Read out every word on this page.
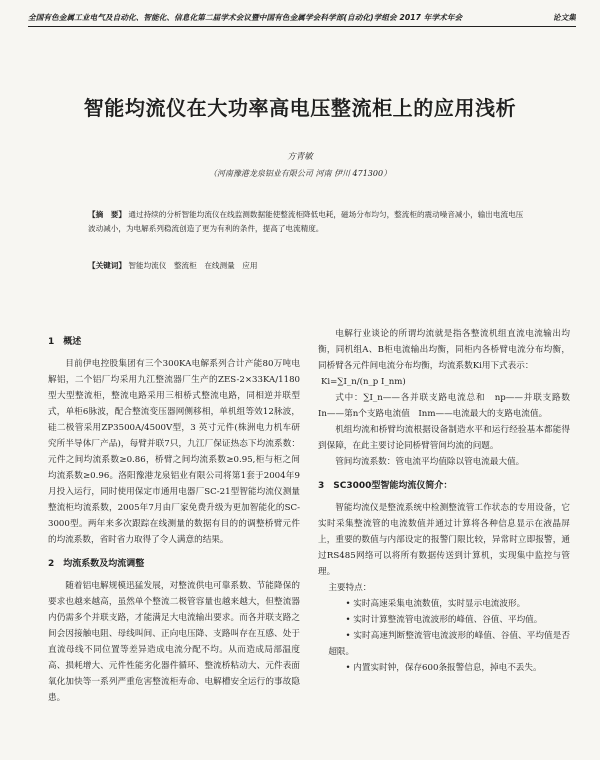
全国有色金属工业电气及自动化、智能化、信息化第二届学术会议暨中国有色金属学会科学部(自动化)学组会 2017 年学术年会	论文集
智能均流仪在大功率高电压整流柜上的应用浅析
方青敏
（河南豫港龙泉铝业有限公司 河南 伊川 471300）
【摘　要】 通过持续的分析智能均流仪在线监测数据能使整流柜降低电耗，磁场分布均匀，整流柜的震动噪音减小，输出电流电压波动减小，为电解系列稳流创造了更为有利的条件，提高了电流精度。
【关键词】 智能均流仪　整流柜　在线测量　应用
1　概述

目前伊电控股集团有三个300KA电解系列合计产能80万吨电解铝，二个铝厂均采用九江整流器厂生产的ZES-2×33KA/1180型大型整流柜，整流电路采用三相桥式整流电路，同相逆并联型式，单柜6脉波，配合整流变压器网侧移相，单机组等效12脉波，硅二极管采用ZP3500A/4500V型，3 英寸元件(株洲电力机车研究所半导体厂产品)，每臂并联7只，九江厂保证热态下均流系数：元件之间均流系数≥0.86，桥臂之间均流系数≥0.95,柜与柜之间均流系数≥0.96。洛阳豫港龙泉铝业有限公司将第1套于2004年9月投入运行，同时使用保定市通用电器厂SC-21型智能均流仪测量整流柜均流系数，2005年7月由厂家免费升级为更加智能化的SC-3000型。两年来多次跟踪在线测量的数据有目的的调整桥臂元件的均流系数，省时省力取得了令人满意的结果。

2　均流系数及均流调整

随着铝电解规模迅猛发展，对整流供电可靠系数、节能降保的要求也越来越高，虽然单个整流二极管容量也越来越大，但整流器内仍需多个并联支路，才能满足大电流输出要求。而各并联支路之间会因接触电阻、母线叫间、正向电压降、支路叫存在互感、处于直流母线不同位置等差异造成电流分配不均。从而造成局部温度高、损耗增大、元件性能劣化器件循环、整流桥粘动大、元件表面氧化加快等一系列严重危害整流柜寿命、电解槽安全运行的事故隐患。

电解行业谈论的所谓均流就是指各整流机组直流电流输出均衡，同机组A、B柜电流输出均衡，同柜内各桥臂电流分布均衡，同桥臂各元件间电流分布均衡，均流系数Ki用下式表示：

Ki=∑I_n/(n_p I_nm)

式中：∑I_n——各并联支路电流总和　np——并联支路数　In——第n个支路电流值　Inm——电流最大的支路电流值。

机组均流和桥臂均流根据设备制造水平和运行经验基本都能得到保障，在此主要讨论同桥臂管间均流的问题。

管间均流系数：管电流平均值除以管电流最大值。

3　SC3000型智能均流仪简介：

智能均流仪是整流系统中检测整流管工作状态的专用设备，它实时采集整流管的电流数值并通过计算将各种信息显示在液晶屏上，重要的数值与内部设定的报警门限比较，异常时立即报警，通过RS485网络可以将所有数据传送到计算机，实现集中监控与管理。

主要特点：

• 实时高速采集电流数值，实时显示电流波形。

• 实时计算整流管电流波形的峰值、谷值、平均值。

• 实时高速判断整流管电流波形的峰值、谷值、平均值是否超限。

• 内置实时钟，保存600条报警信息，掉电不丢失。
